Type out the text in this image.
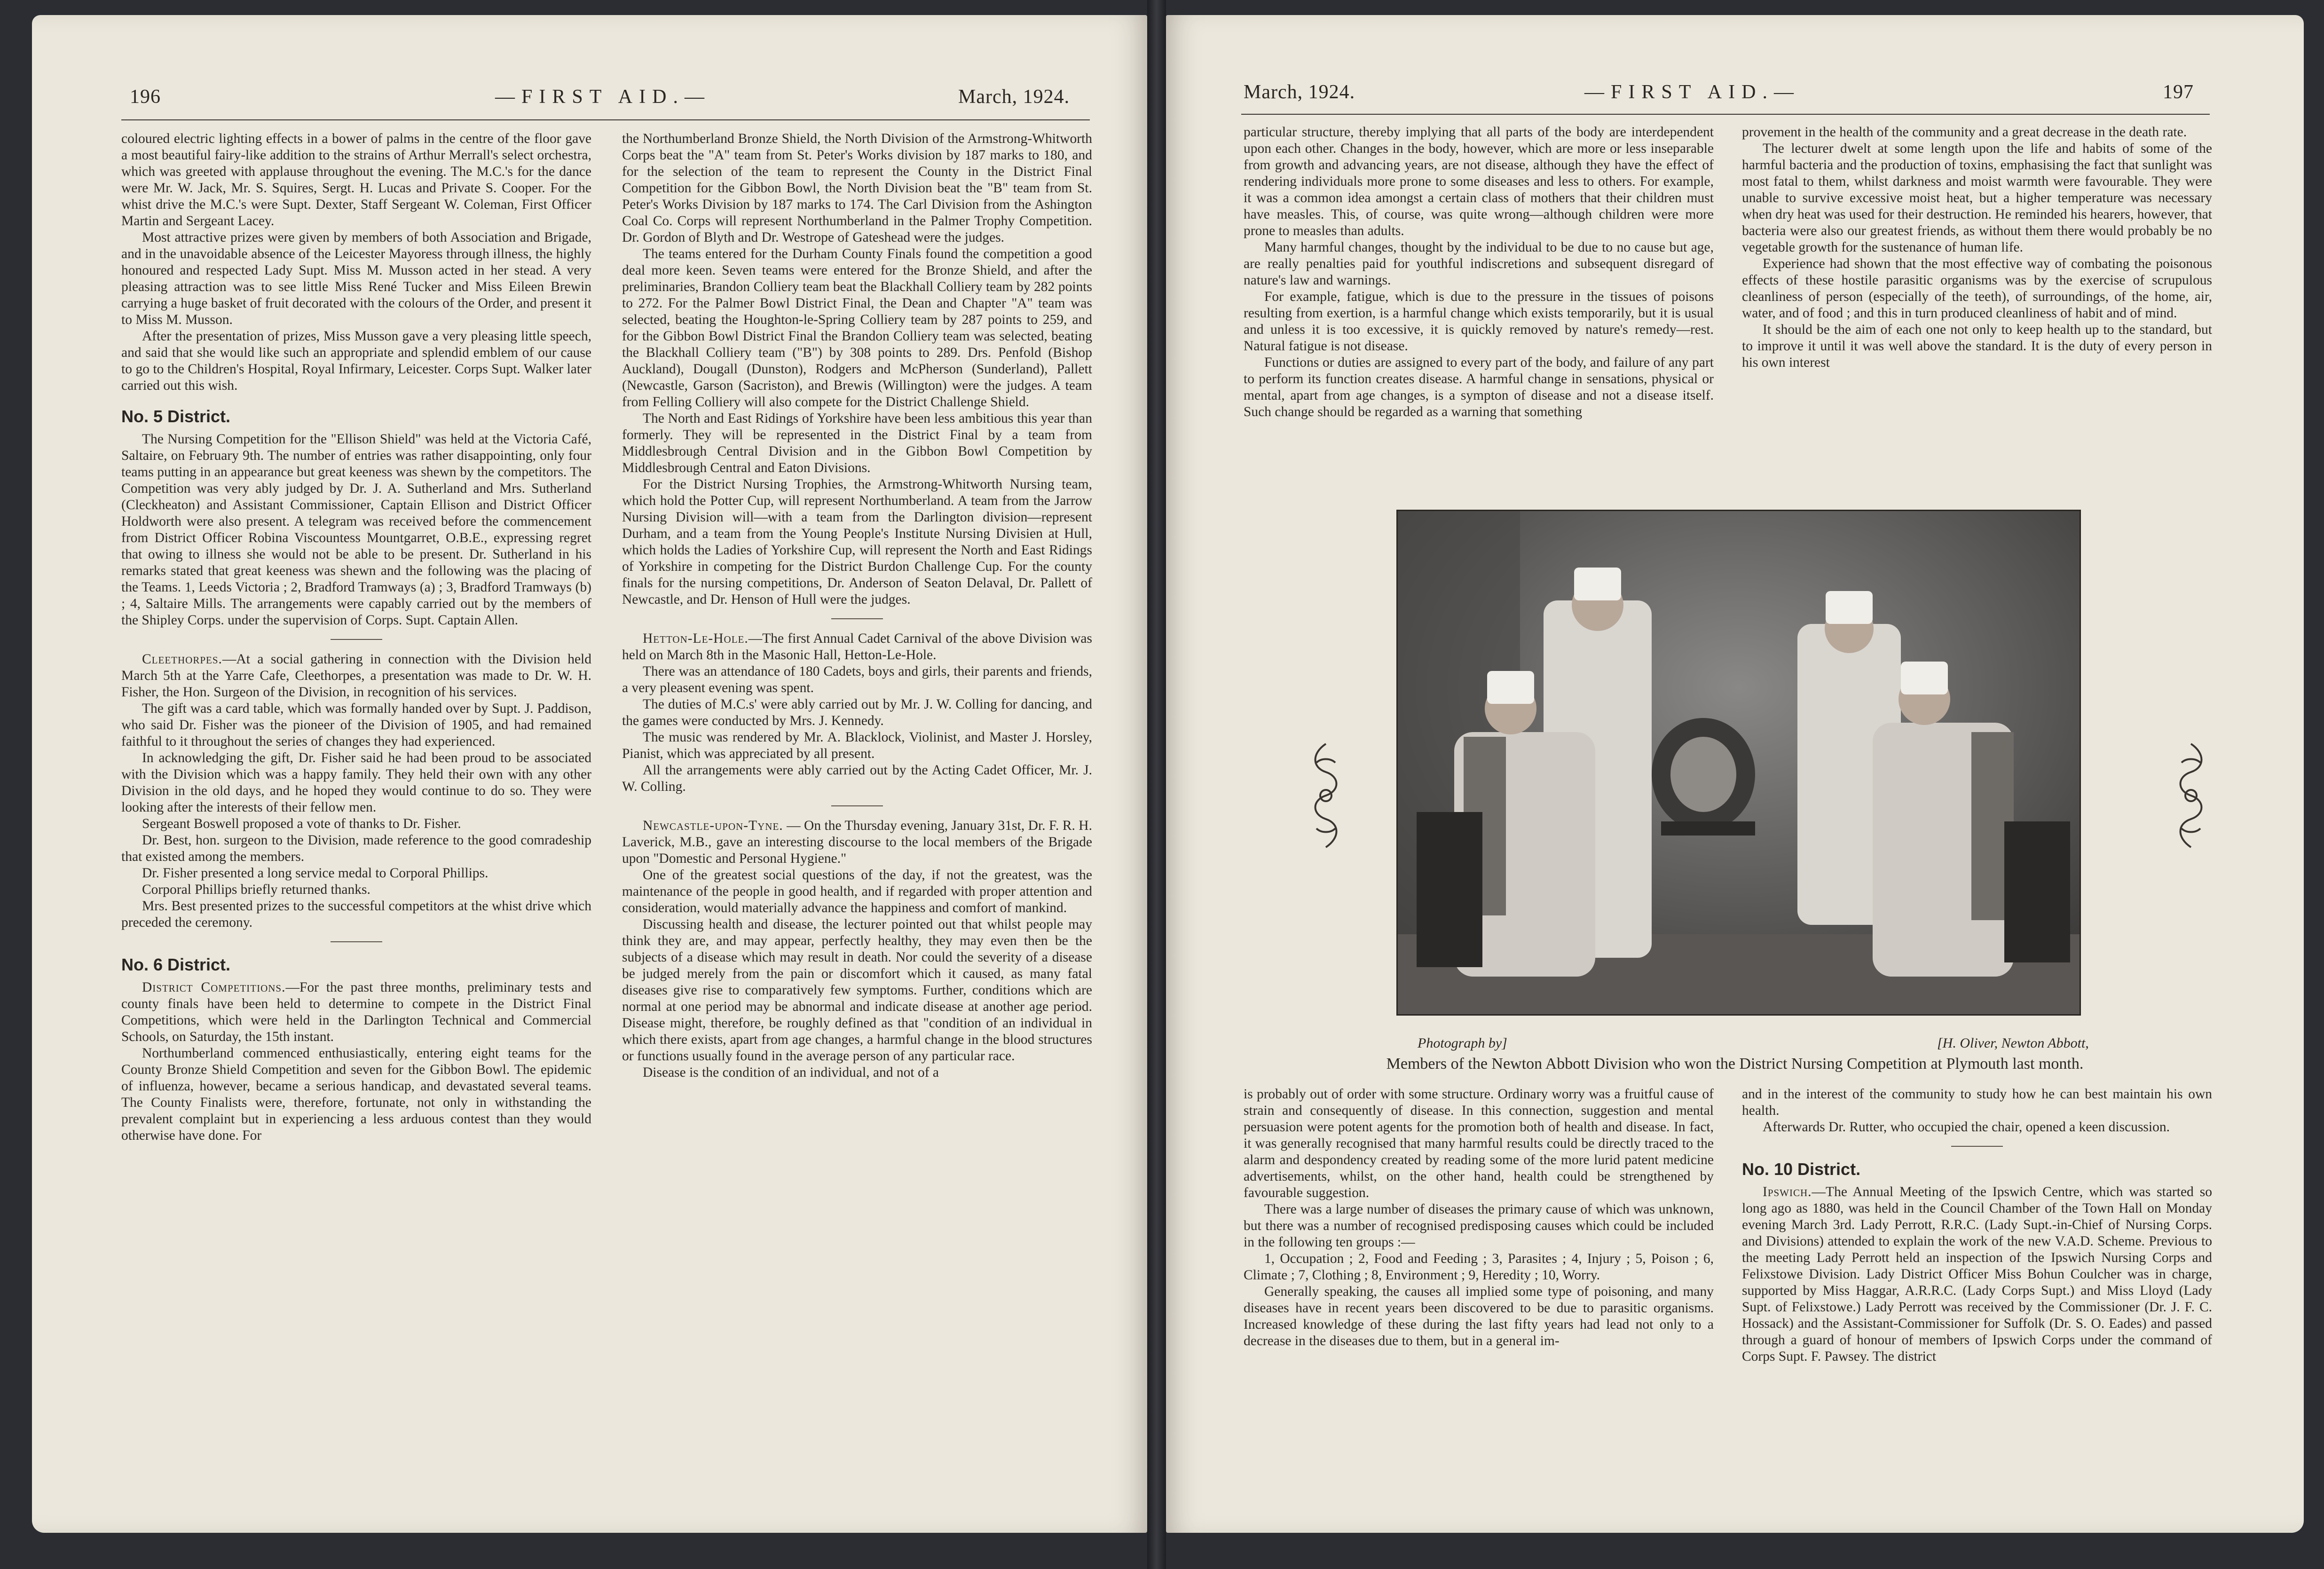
196	—FIRST AID.—	March, 1924.

coloured electric lighting effects in a bower of palms in the centre of the floor gave a most beautiful fairy-like addition to the strains of Arthur Merrall's select orchestra, which was greeted with applause throughout the evening. The M.C.'s for the dance were Mr. W. Jack, Mr. S. Squires, Sergt. H. Lucas and Private S. Cooper. For the whist drive the M.C.'s were Supt. Dexter, Staff Sergeant W. Coleman, First Officer Martin and Sergeant Lacey.

Most attractive prizes were given by members of both Association and Brigade, and in the unavoidable absence of the Leicester Mayoress through illness, the highly honoured and respected Lady Supt. Miss M. Musson acted in her stead. A very pleasing attraction was to see little Miss René Tucker and Miss Eileen Brewin carrying a huge basket of fruit decorated with the colours of the Order, and present it to Miss M. Musson.

After the presentation of prizes, Miss Musson gave a very pleasing little speech, and said that she would like such an appropriate and splendid emblem of our cause to go to the Children's Hospital, Royal Infirmary, Leicester. Corps Supt. Walker later carried out this wish.

No. 5 District.

The Nursing Competition for the "Ellison Shield" was held at the Victoria Café, Saltaire, on February 9th. The number of entries was rather disappointing, only four teams putting in an appearance but great keeness was shewn by the competitors. The Competition was very ably judged by Dr. J. A. Sutherland and Mrs. Sutherland (Cleckheaton) and Assistant Commissioner, Captain Ellison and District Officer Holdworth were also present. A telegram was received before the commencement from District Officer Robina Viscountess Mountgarret, O.B.E., expressing regret that owing to illness she would not be able to be present. Dr. Sutherland in his remarks stated that great keeness was shewn and the following was the placing of the Teams. 1, Leeds Victoria ; 2, Bradford Tramways (a) ; 3, Bradford Tramways (b) ; 4, Saltaire Mills. The arrangements were capably carried out by the members of the Shipley Corps. under the supervision of Corps. Supt. Captain Allen.

Cleethorpes.—At a social gathering in connection with the Division held March 5th at the Yarre Cafe, Cleethorpes, a presentation was made to Dr. W. H. Fisher, the Hon. Surgeon of the Division, in recognition of his services.

The gift was a card table, which was formally handed over by Supt. J. Paddison, who said Dr. Fisher was the pioneer of the Division of 1905, and had remained faithful to it throughout the series of changes they had experienced.

In acknowledging the gift, Dr. Fisher said he had been proud to be associated with the Division which was a happy family. They held their own with any other Division in the old days, and he hoped they would continue to do so. They were looking after the interests of their fellow men.

Sergeant Boswell proposed a vote of thanks to Dr. Fisher.

Dr. Best, hon. surgeon to the Division, made reference to the good comradeship that existed among the members.

Dr. Fisher presented a long service medal to Corporal Phillips.

Corporal Phillips briefly returned thanks.

Mrs. Best presented prizes to the successful competitors at the whist drive which preceded the ceremony.

No. 6 District.

District Competitions.—For the past three months, preliminary tests and county finals have been held to determine to compete in the District Final Competitions, which were held in the Darlington Technical and Commercial Schools, on Saturday, the 15th instant.

Northumberland commenced enthusiastically, entering eight teams for the County Bronze Shield Competition and seven for the Gibbon Bowl. The epidemic of influenza, however, became a serious handicap, and devastated several teams. The County Finalists were, therefore, fortunate, not only in withstanding the prevalent complaint but in experiencing a less arduous contest than they would otherwise have done. For

the Northumberland Bronze Shield, the North Division of the Armstrong-Whitworth Corps beat the "A" team from St. Peter's Works division by 187 marks to 180, and for the selection of the team to represent the County in the District Final Competition for the Gibbon Bowl, the North Division beat the "B" team from St. Peter's Works Division by 187 marks to 174. The Carl Division from the Ashington Coal Co. Corps will represent Northumberland in the Palmer Trophy Competition. Dr. Gordon of Blyth and Dr. Westrope of Gateshead were the judges.

The teams entered for the Durham County Finals found the competition a good deal more keen. Seven teams were entered for the Bronze Shield, and after the preliminaries, Brandon Colliery team beat the Blackhall Colliery team by 282 points to 272. For the Palmer Bowl District Final, the Dean and Chapter "A" team was selected, beating the Houghton-le-Spring Colliery team by 287 points to 259, and for the Gibbon Bowl District Final the Brandon Colliery team was selected, beating the Blackhall Colliery team ("B") by 308 points to 289. Drs. Penfold (Bishop Auckland), Dougall (Dunston), Rodgers and McPherson (Sunderland), Pallett (Newcastle, Garson (Sacriston), and Brewis (Willington) were the judges. A team from Felling Colliery will also compete for the District Challenge Shield.

The North and East Ridings of Yorkshire have been less ambitious this year than formerly. They will be represented in the District Final by a team from Middlesbrough Central Division and in the Gibbon Bowl Competition by Middlesbrough Central and Eaton Divisions.

For the District Nursing Trophies, the Armstrong-Whitworth Nursing team, which hold the Potter Cup, will represent Northumberland. A team from the Jarrow Nursing Division will—with a team from the Darlington division—represent Durham, and a team from the Young People's Institute Nursing Divisien at Hull, which holds the Ladies of Yorkshire Cup, will represent the North and East Ridings of Yorkshire in competing for the District Burdon Challenge Cup. For the county finals for the nursing competitions, Dr. Anderson of Seaton Delaval, Dr. Pallett of Newcastle, and Dr. Henson of Hull were the judges.

Hetton-Le-Hole.—The first Annual Cadet Carnival of the above Division was held on March 8th in the Masonic Hall, Hetton-Le-Hole.

There was an attendance of 180 Cadets, boys and girls, their parents and friends, a very pleasent evening was spent.

The duties of M.C.s' were ably carried out by Mr. J. W. Colling for dancing, and the games were conducted by Mrs. J. Kennedy.

The music was rendered by Mr. A. Blacklock, Violinist, and Master J. Horsley, Pianist, which was appreciated by all present.

All the arrangements were ably carried out by the Acting Cadet Officer, Mr. J. W. Colling.

Newcastle-upon-Tyne. — On the Thursday evening, January 31st, Dr. F. R. H. Laverick, M.B., gave an interesting discourse to the local members of the Brigade upon "Domestic and Personal Hygiene."

One of the greatest social questions of the day, if not the greatest, was the maintenance of the people in good health, and if regarded with proper attention and consideration, would materially advance the happiness and comfort of mankind.

Discussing health and disease, the lecturer pointed out that whilst people may think they are, and may appear, perfectly healthy, they may even then be the subjects of a disease which may result in death. Nor could the severity of a disease be judged merely from the pain or discomfort which it caused, as many fatal diseases give rise to comparatively few symptoms. Further, conditions which are normal at one period may be abnormal and indicate disease at another age period. Disease might, therefore, be roughly defined as that "condition of an individual in which there exists, apart from age changes, a harmful change in the blood structures or functions usually found in the average person of any particular race.

Disease is the condition of an individual, and not of a

March, 1924.	—FIRST AID.—	197

particular structure, thereby implying that all parts of the body are interdependent upon each other. Changes in the body, however, which are more or less inseparable from growth and advancing years, are not disease, although they have the effect of rendering individuals more prone to some diseases and less to others. For example, it was a common idea amongst a certain class of mothers that their children must have measles. This, of course, was quite wrong—although children were more prone to measles than adults.

Many harmful changes, thought by the individual to be due to no cause but age, are really penalties paid for youthful indiscretions and subsequent disregard of nature's law and warnings.

For example, fatigue, which is due to the pressure in the tissues of poisons resulting from exertion, is a harmful change which exists temporarily, but it is usual and unless it is too excessive, it is quickly removed by nature's remedy—rest. Natural fatigue is not disease.

Functions or duties are assigned to every part of the body, and failure of any part to perform its function creates disease. A harmful change in sensations, physical or mental, apart from age changes, is a sympton of disease and not a disease itself. Such change should be regarded as a warning that something

provement in the health of the community and a great decrease in the death rate.

The lecturer dwelt at some length upon the life and habits of some of the harmful bacteria and the production of toxins, emphasising the fact that sunlight was most fatal to them, whilst darkness and moist warmth were favourable. They were unable to survive excessive moist heat, but a higher temperature was necessary when dry heat was used for their destruction. He reminded his hearers, however, that bacteria were also our greatest friends, as without them there would probably be no vegetable growth for the sustenance of human life.

Experience had shown that the most effective way of combating the poisonous effects of these hostile parasitic organisms was by the exercise of scrupulous cleanliness of person (especially of the teeth), of surroundings, of the home, air, water, and of food ; and this in turn produced cleanliness of habit and of mind.

It should be the aim of each one not only to keep health up to the standard, but to improve it until it was well above the standard. It is the duty of every person in his own interest

Photograph by]	[H. Oliver, Newton Abbott,
Members of the Newton Abbott Division who won the District Nursing Competition at Plymouth last month.

is probably out of order with some structure. Ordinary worry was a fruitful cause of strain and consequently of disease. In this connection, suggestion and mental persuasion were potent agents for the promotion both of health and disease. In fact, it was generally recognised that many harmful results could be directly traced to the alarm and despondency created by reading some of the more lurid patent medicine advertisements, whilst, on the other hand, health could be strengthened by favourable suggestion.

There was a large number of diseases the primary cause of which was unknown, but there was a number of recognised predisposing causes which could be included in the following ten groups :—

1, Occupation ; 2, Food and Feeding ; 3, Parasites ; 4, Injury ; 5, Poison ; 6, Climate ; 7, Clothing ; 8, Environment ; 9, Heredity ; 10, Worry.

Generally speaking, the causes all implied some type of poisoning, and many diseases have in recent years been discovered to be due to parasitic organisms. Increased knowledge of these during the last fifty years had lead not only to a decrease in the diseases due to them, but in a general im-

and in the interest of the community to study how he can best maintain his own health.

Afterwards Dr. Rutter, who occupied the chair, opened a keen discussion.

No. 10 District.

Ipswich.—The Annual Meeting of the Ipswich Centre, which was started so long ago as 1880, was held in the Council Chamber of the Town Hall on Monday evening March 3rd. Lady Perrott, R.R.C. (Lady Supt.-in-Chief of Nursing Corps. and Divisions) attended to explain the work of the new V.A.D. Scheme. Previous to the meeting Lady Perrott held an inspection of the Ipswich Nursing Corps and Felixstowe Division. Lady District Officer Miss Bohun Coulcher was in charge, supported by Miss Haggar, A.R.R.C. (Lady Corps Supt.) and Miss Lloyd (Lady Supt. of Felixstowe.) Lady Perrott was received by the Commissioner (Dr. J. F. C. Hossack) and the Assistant-Commissioner for Suffolk (Dr. S. O. Eades) and passed through a guard of honour of members of Ipswich Corps under the command of Corps Supt. F. Pawsey. The district
